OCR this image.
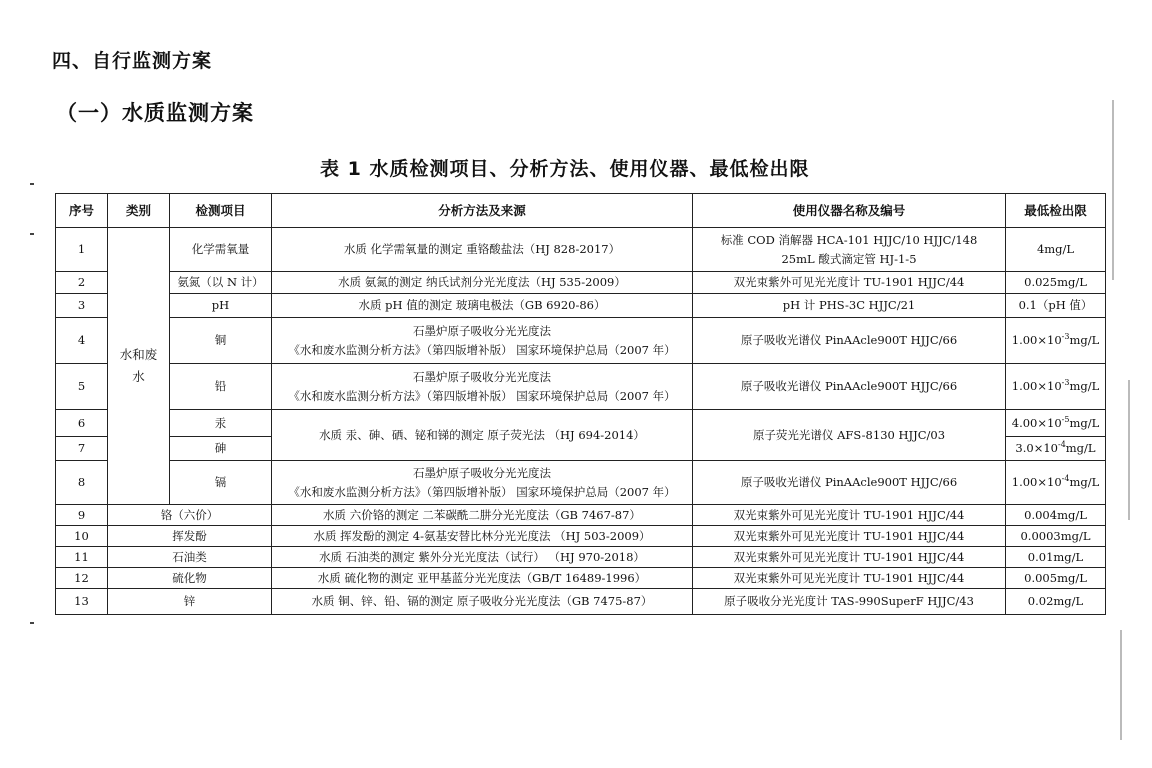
四、自行监测方案
（一）水质监测方案
表 1 水质检测项目、分析方法、使用仪器、最低检出限
序号	类别	检测项目	分析方法及来源	使用仪器名称及编号	最低检出限
1	水和废水	化学需氧量	水质 化学需氧量的测定 重铬酸盐法（HJ 828-2017）	标准 COD 消解器 HCA-101 HJJC/10 HJJC/148
25mL 酸式滴定管 HJ-1-5	4mg/L
2		氨氮（以 N 计）	水质 氨氮的测定 纳氏试剂分光光度法（HJ 535-2009）	双光束紫外可见光光度计 TU-1901 HJJC/44	0.025mg/L
3		pH	水质 pH 值的测定 玻璃电极法（GB 6920-86）	pH 计 PHS-3C HJJC/21	0.1（pH 值）
4		铜	石墨炉原子吸收分光光度法
《水和废水监测分析方法》（第四版增补版） 国家环境保护总局（2007 年）	原子吸收光谱仪 PinAAcle900T HJJC/66	$1.00\times 10^{-3}mg/L$
5		铅	石墨炉原子吸收分光光度法
《水和废水监测分析方法》（第四版增补版） 国家环境保护总局（2007 年）	原子吸收光谱仪 PinAAcle900T HJJC/66	$1.00\times 10^{-3}mg/L$
6		汞	水质 汞、砷、硒、铋和锑的测定 原子荧光法 （HJ 694-2014）	原子荧光光谱仪 AFS-8130 HJJC/03	$4.00\times 10^{-5}mg/L$
7		砷			$3.0\times 10^{-4}mg/L$
8		镉	石墨炉原子吸收分光光度法
《水和废水监测分析方法》（第四版增补版） 国家环境保护总局（2007 年）	原子吸收光谱仪 PinAAcle900T HJJC/66	$1.00\times 10^{-4}mg/L$
9	铬（六价）		水质 六价铬的测定 二苯碳酰二肼分光光度法（GB 7467-87）	双光束紫外可见光光度计 TU-1901 HJJC/44	0.004mg/L
10	挥发酚		水质 挥发酚的测定 4-氨基安替比林分光光度法 （HJ 503-2009）	双光束紫外可见光光度计 TU-1901 HJJC/44	0.0003mg/L
11	石油类		水质 石油类的测定 紫外分光光度法（试行） （HJ 970-2018）	双光束紫外可见光光度计 TU-1901 HJJC/44	0.01mg/L
12	硫化物		水质 硫化物的测定 亚甲基蓝分光光度法（GB/T 16489-1996）	双光束紫外可见光光度计 TU-1901 HJJC/44	0.005mg/L
13	锌		水质 铜、锌、铅、镉的测定 原子吸收分光光度法（GB 7475-87）	原子吸收分光光度计 TAS-990SuperF HJJC/43	0.02mg/L
